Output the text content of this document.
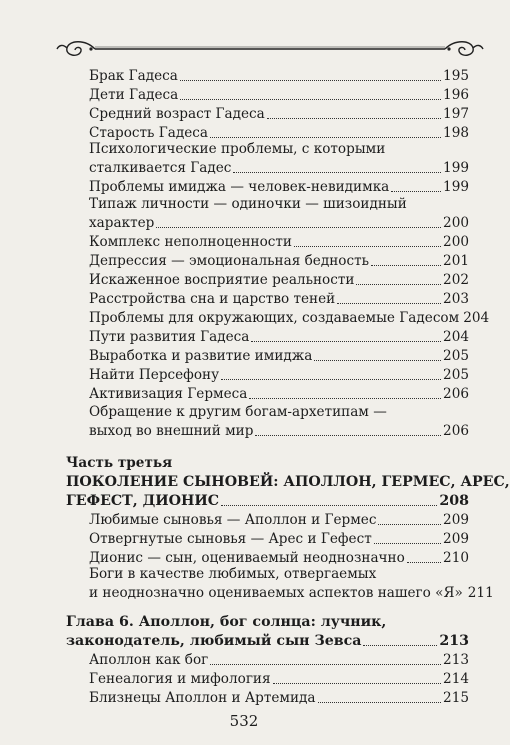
Брак Гадеса	195
Дети Гадеса	196
Средний возраст Гадеса	197
Старость Гадеса	198
Психологические проблемы, с которыми
сталкивается Гадес	199
Проблемы имиджа — человек-невидимка	199
Типаж личности — одиночки — шизоидный
характер	200
Комплекс неполноценности	200
Депрессия — эмоциональная бедность	201
Искаженное восприятие реальности	202
Расстройства сна и царство теней	203
Проблемы для окружающих, создаваемые Гадесом 204
Пути развития Гадеса	204
Выработка и развитие имиджа	205
Найти Персефону	205
Активизация Гермеса	206
Обращение к другим богам-архетипам —
выход во внешний мир	206
Часть третья
ПОКОЛЕНИЕ СЫНОВЕЙ: АПОЛЛОН, ГЕРМЕС, АРЕС,
ГЕФЕСТ, ДИОНИС	208
Любимые сыновья — Аполлон и Гермес	209
Отвергнутые сыновья — Арес и Гефест	209
Дионис — сын, оцениваемый неоднозначно	210
Боги в качестве любимых, отвергаемых
и неоднозначно оцениваемых аспектов нашего «Я» 211
Глава 6. Аполлон, бог солнца: лучник,
законодатель, любимый сын Зевса	213
Аполлон как бог	213
Генеалогия и мифология	214
Близнецы Аполлон и Артемида	215
532
